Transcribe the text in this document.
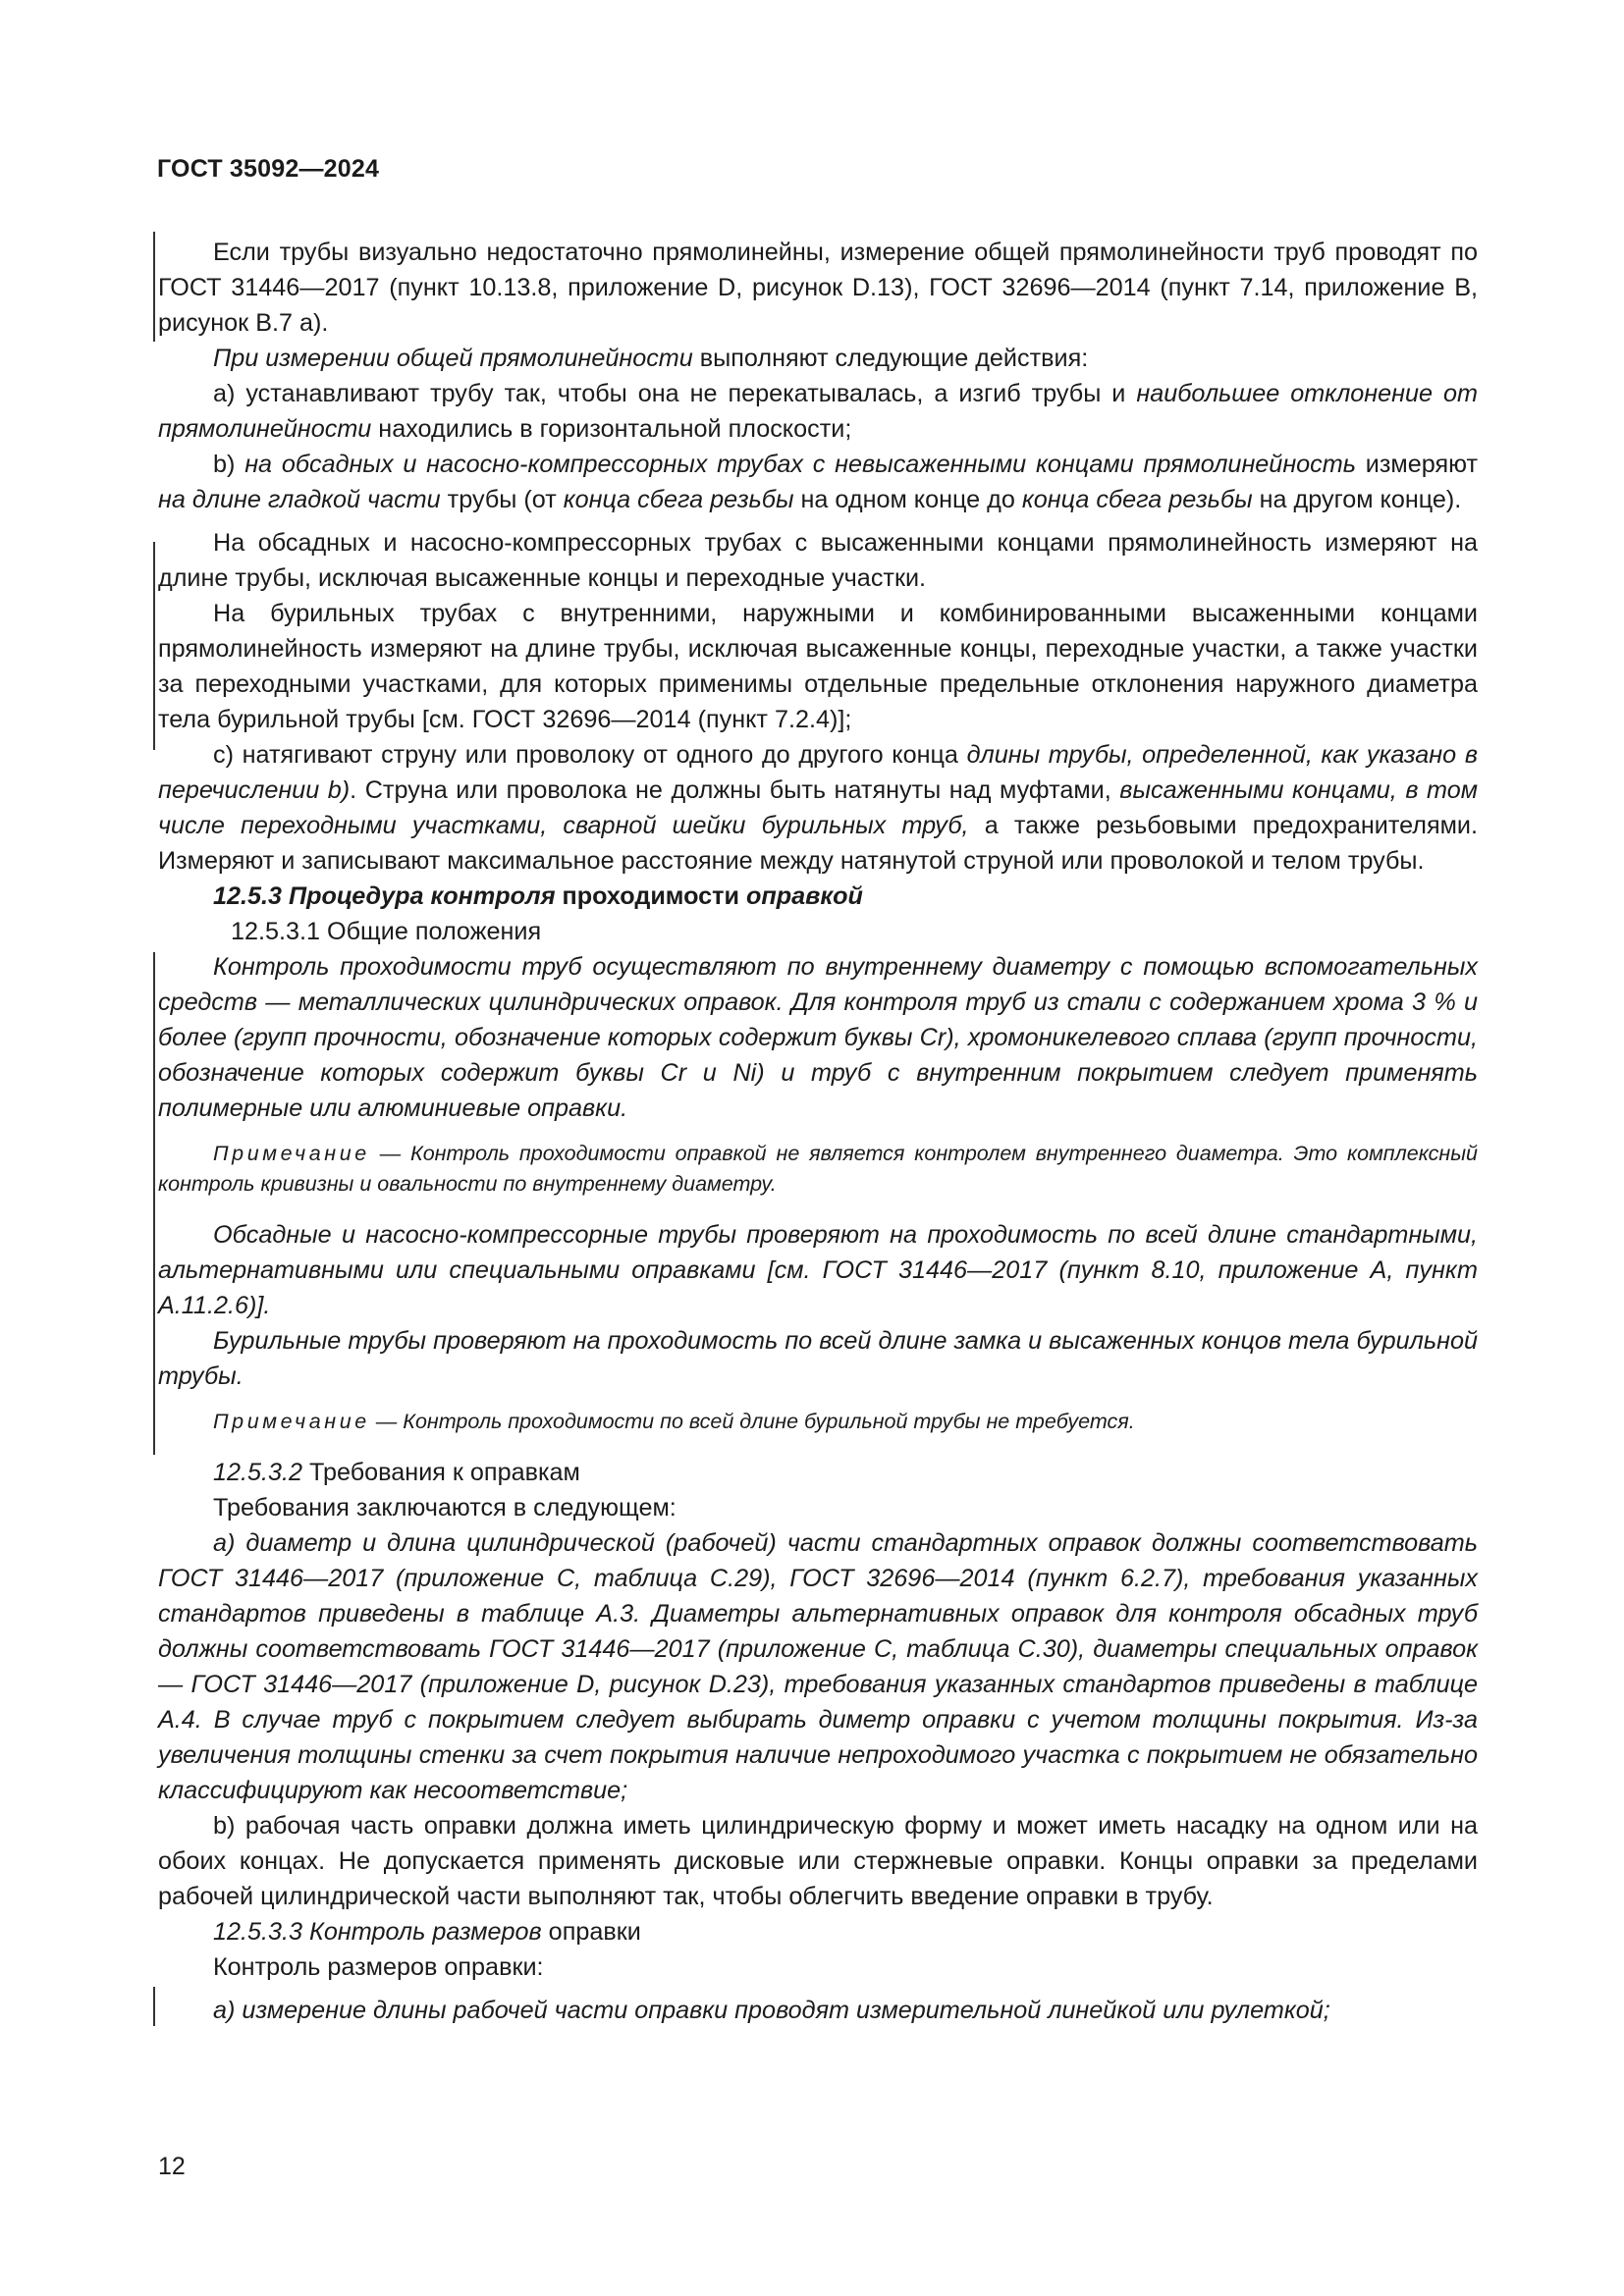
ГОСТ 35092—2024

Если трубы визуально недостаточно прямолинейны, измерение общей прямолинейности труб проводят по ГОСТ 31446—2017 (пункт 10.13.8, приложение D, рисунок D.13), ГОСТ 32696—2014 (пункт 7.14, приложение В, рисунок В.7 а).

При измерении общей прямолинейности выполняют следующие действия:

а) устанавливают трубу так, чтобы она не перекатывалась, а изгиб трубы и наибольшее отклонение от прямолинейности находились в горизонтальной плоскости;

b) на обсадных и насосно-компрессорных трубах с невысаженными концами прямолинейность измеряют на длине гладкой части трубы (от конца сбега резьбы на одном конце до конца сбега резьбы на другом конце).

На обсадных и насосно-компрессорных трубах с высаженными концами прямолинейность измеряют на длине трубы, исключая высаженные концы и переходные участки.

На бурильных трубах с внутренними, наружными и комбинированными высаженными концами прямолинейность измеряют на длине трубы, исключая высаженные концы, переходные участки, а также участки за переходными участками, для которых применимы отдельные предельные отклонения наружного диаметра тела бурильной трубы [см. ГОСТ 32696—2014 (пункт 7.2.4)];

с) натягивают струну или проволоку от одного до другого конца длины трубы, определенной, как указано в перечислении b). Струна или проволока не должны быть натянуты над муфтами, высаженными концами, в том числе переходными участками, сварной шейки бурильных труб, а также резьбовыми предохранителями. Измеряют и записывают максимальное расстояние между натянутой струной или проволокой и телом трубы.

12.5.3 Процедура контроля проходимости оправкой

12.5.3.1 Общие положения

Контроль проходимости труб осуществляют по внутреннему диаметру с помощью вспомогательных средств — металлических цилиндрических оправок. Для контроля труб из стали с содержанием хрома 3 % и более (групп прочности, обозначение которых содержит буквы Cr), хромоникелевого сплава (групп прочности, обозначение которых содержит буквы Cr и Ni) и труб с внутренним покрытием следует применять полимерные или алюминиевые оправки.

Примечание — Контроль проходимости оправкой не является контролем внутреннего диаметра. Это комплексный контроль кривизны и овальности по внутреннему диаметру.

Обсадные и насосно-компрессорные трубы проверяют на проходимость по всей длине стандартными, альтернативными или специальными оправками [см. ГОСТ 31446—2017 (пункт 8.10, приложение А, пункт А.11.2.6)].

Бурильные трубы проверяют на проходимость по всей длине замка и высаженных концов тела бурильной трубы.

Примечание — Контроль проходимости по всей длине бурильной трубы не требуется.

12.5.3.2 Требования к оправкам

Требования заключаются в следующем:

а) диаметр и длина цилиндрической (рабочей) части стандартных оправок должны соответствовать ГОСТ 31446—2017 (приложение С, таблица С.29), ГОСТ 32696—2014 (пункт 6.2.7), требования указанных стандартов приведены в таблице А.3. Диаметры альтернативных оправок для контроля обсадных труб должны соответствовать ГОСТ 31446—2017 (приложение С, таблица С.30), диаметры специальных оправок — ГОСТ 31446—2017 (приложение D, рисунок D.23), требования указанных стандартов приведены в таблице А.4. В случае труб с покрытием следует выбирать диметр оправки с учетом толщины покрытия. Из-за увеличения толщины стенки за счет покрытия наличие непроходимого участка с покрытием не обязательно классифицируют как несоответствие;

b) рабочая часть оправки должна иметь цилиндрическую форму и может иметь насадку на одном или на обоих концах. Не допускается применять дисковые или стержневые оправки. Концы оправки за пределами рабочей цилиндрической части выполняют так, чтобы облегчить введение оправки в трубу.

12.5.3.3 Контроль размеров оправки

Контроль размеров оправки:

а) измерение длины рабочей части оправки проводят измерительной линейкой или рулеткой;

12
